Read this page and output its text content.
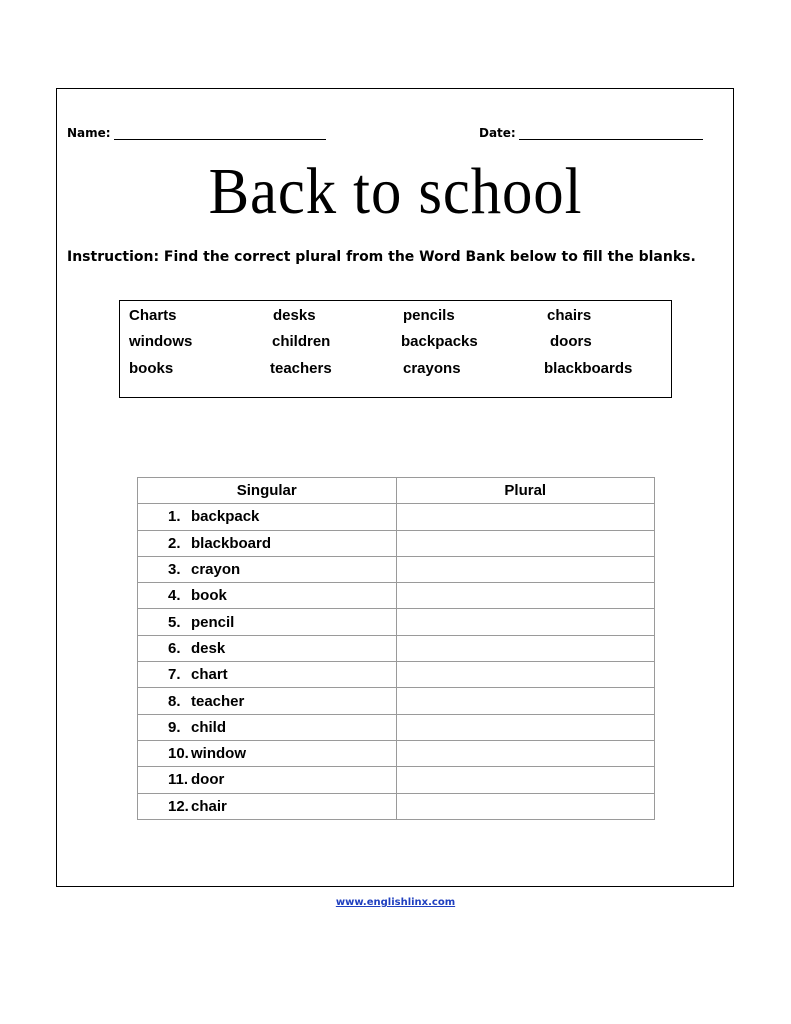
Name:	Date:
Back to school
Instruction: Find the correct plural from the Word Bank below to fill the blanks.
Charts	desks	pencils	chairs
windows	children	backpacks	doors
books	teachers	crayons	blackboards
Singular	Plural
1. backpack	
2. blackboard	
3. crayon	
4. book	
5. pencil	
6. desk	
7. chart	
8. teacher	
9. child	
10. window	
11. door	
12. chair	
www.englishlinx.com
